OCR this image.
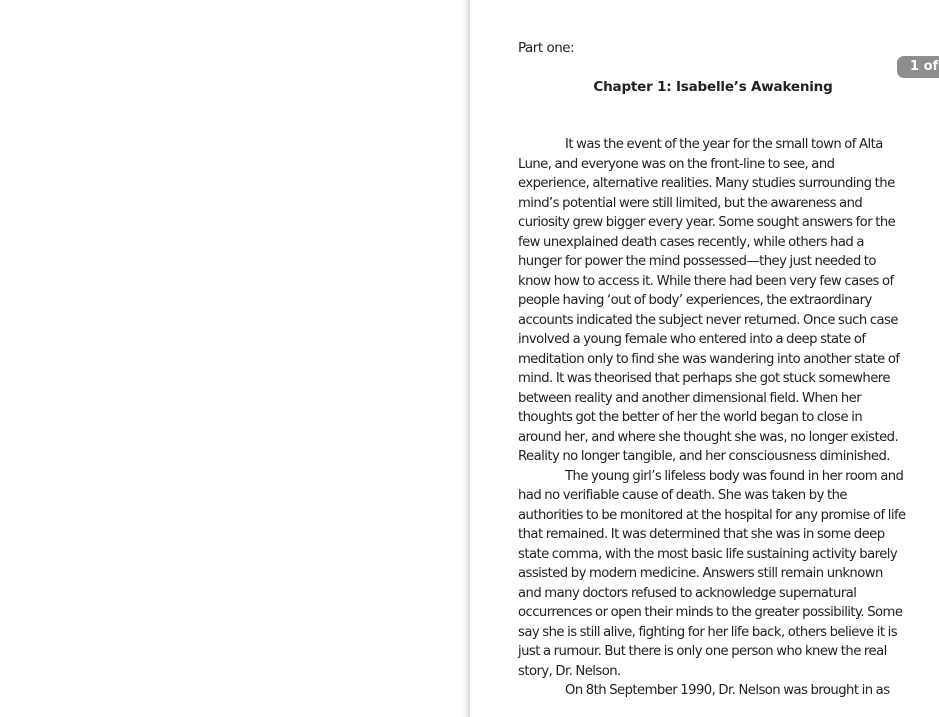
Part one:

Chapter 1: Isabelle’s Awakening

It was the event of the year for the small town of Alta Lune, and everyone was on the front-line to see, and experience, alternative realities. Many studies surrounding the mind’s potential were still limited, but the awareness and curiosity grew bigger every year. Some sought answers for the few unexplained death cases recently, while others had a hunger for power the mind possessed—they just needed to know how to access it. While there had been very few cases of people having ‘out of body’ experiences, the extraordinary accounts indicated the subject never returned. Once such case involved a young female who entered into a deep state of meditation only to find she was wandering into another state of mind. It was theorised that perhaps she got stuck somewhere between reality and another dimensional field. When her thoughts got the better of her the world began to close in around her, and where she thought she was, no longer existed. Reality no longer tangible, and her consciousness diminished.

The young girl’s lifeless body was found in her room and had no verifiable cause of death. She was taken by the authorities to be monitored at the hospital for any promise of life that remained. It was determined that she was in some deep state comma, with the most basic life sustaining activity barely assisted by modern medicine. Answers still remain unknown and many doctors refused to acknowledge supernatural occurrences or open their minds to the greater possibility. Some say she is still alive, fighting for her life back, others believe it is just a rumour. But there is only one person who knew the real story, Dr. Nelson.

On 8th September 1990, Dr. Nelson was brought in as

1 of
